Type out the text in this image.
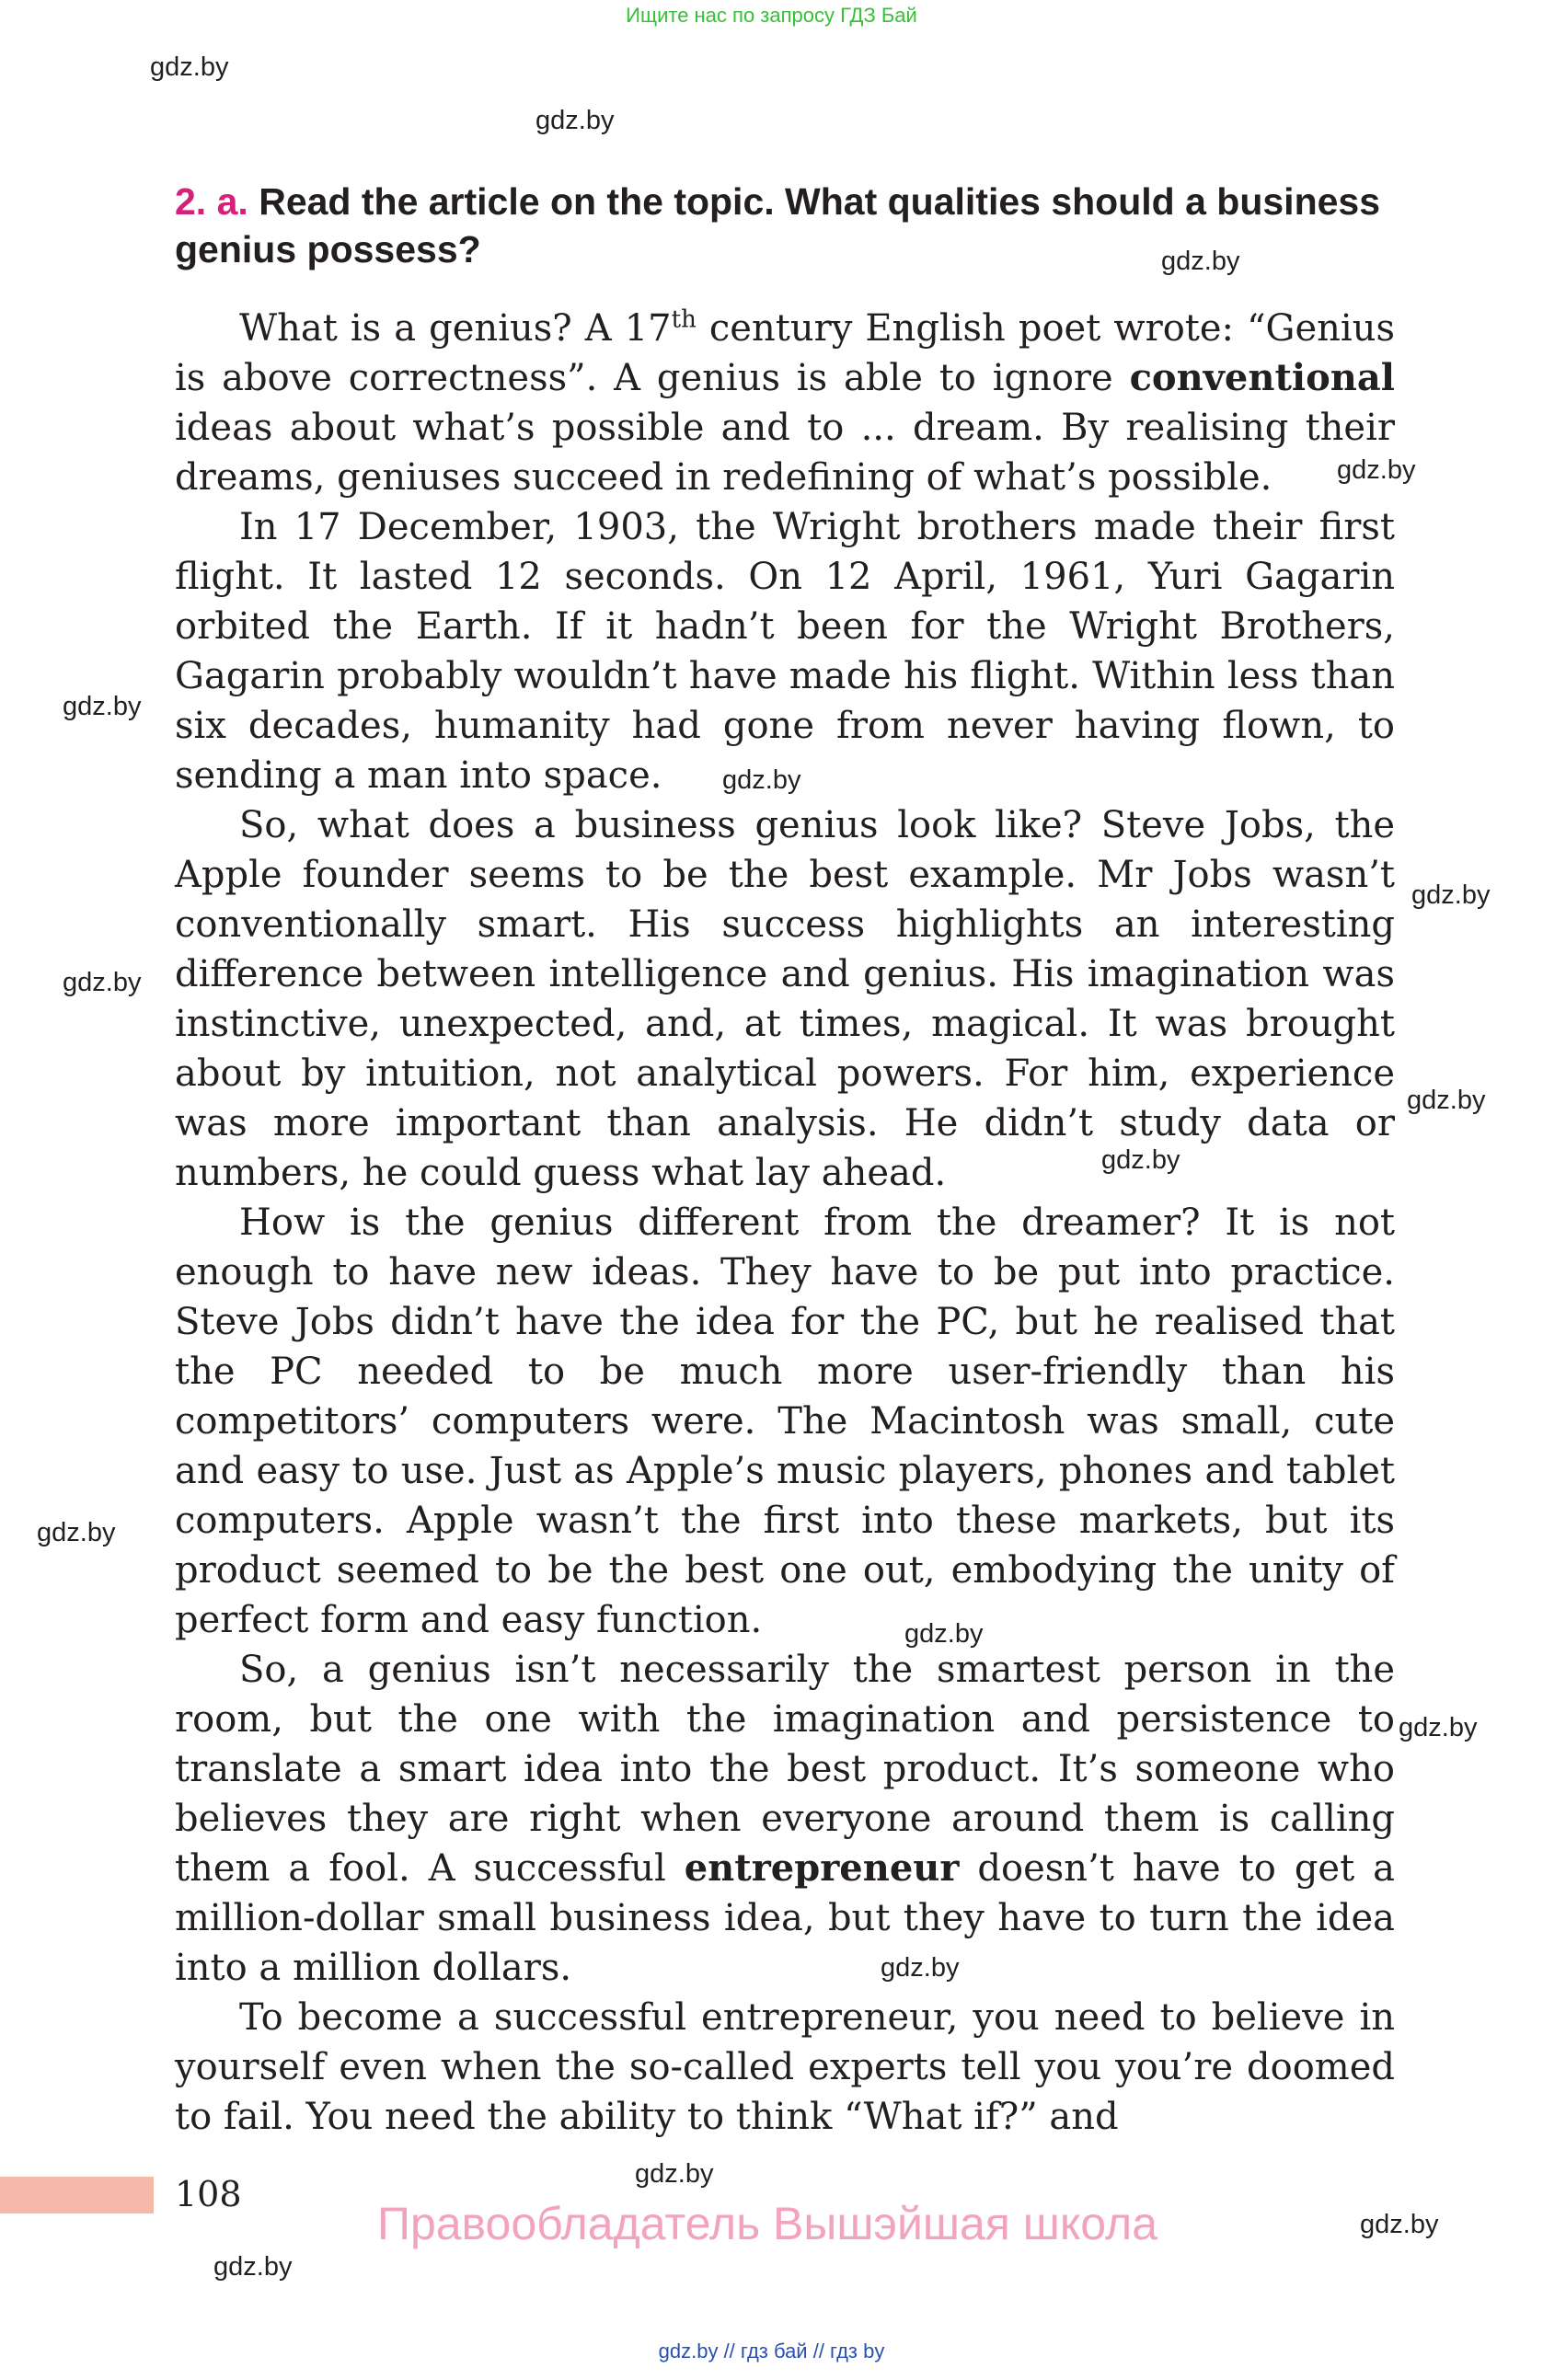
Ищите нас по запросу ГДЗ Бай
gdz.by
gdz.by
gdz.by
gdz.by
gdz.by
gdz.by
gdz.by
gdz.by
gdz.by
gdz.by
gdz.by
gdz.by
gdz.by
gdz.by
gdz.by
gdz.by
gdz.by
2. a. Read the article on the topic. What qualities should a business genius possess?

What is a genius? A 17th century English poet wrote: “Genius is above correctness”. A genius is able to ignore conventional ideas about what’s possible and to ... dream. By realising their dreams, geniuses succeed in redefining of what’s possible.

In 17 December, 1903, the Wright brothers made their first flight. It lasted 12 seconds. On 12 April, 1961, Yuri Gagarin orbited the Earth. If it hadn’t been for the Wright Brothers, Gagarin probably wouldn’t have made his flight. Within less than six decades, humanity had gone from never having flown, to sending a man into space.

So, what does a business genius look like? Steve Jobs, the Apple founder seems to be the best example. Mr Jobs wasn’t conventionally smart. His success highlights an interesting difference between intelligence and genius. His imagination was instinctive, unexpected, and, at times, magical. It was brought about by intuition, not analytical powers. For him, experience was more important than analysis. He didn’t study data or numbers, he could guess what lay ahead.

How is the genius different from the dreamer? It is not enough to have new ideas. They have to be put into practice. Steve Jobs didn’t have the idea for the PC, but he realised that the PC needed to be much more user-friendly than his competitors’ computers were. The Macintosh was small, cute and easy to use. Just as Apple’s music players, phones and tablet computers. Apple wasn’t the first into these markets, but its product seemed to be the best one out, embodying the unity of perfect form and easy function.

So, a genius isn’t necessarily the smartest person in the room, but the one with the imagination and persistence to translate a smart idea into the best product. It’s someone who believes they are right when everyone around them is calling them a fool. A successful entrepreneur doesn’t have to get a million-dollar small business idea, but they have to turn the idea into a million dollars.

To become a successful entrepreneur, you need to believe in yourself even when the so-called experts tell you you’re doomed to fail. You need the ability to think “What if?” and

108
Правообладатель Вышэйшая школа
gdz.by // гдз бай // гдз by
